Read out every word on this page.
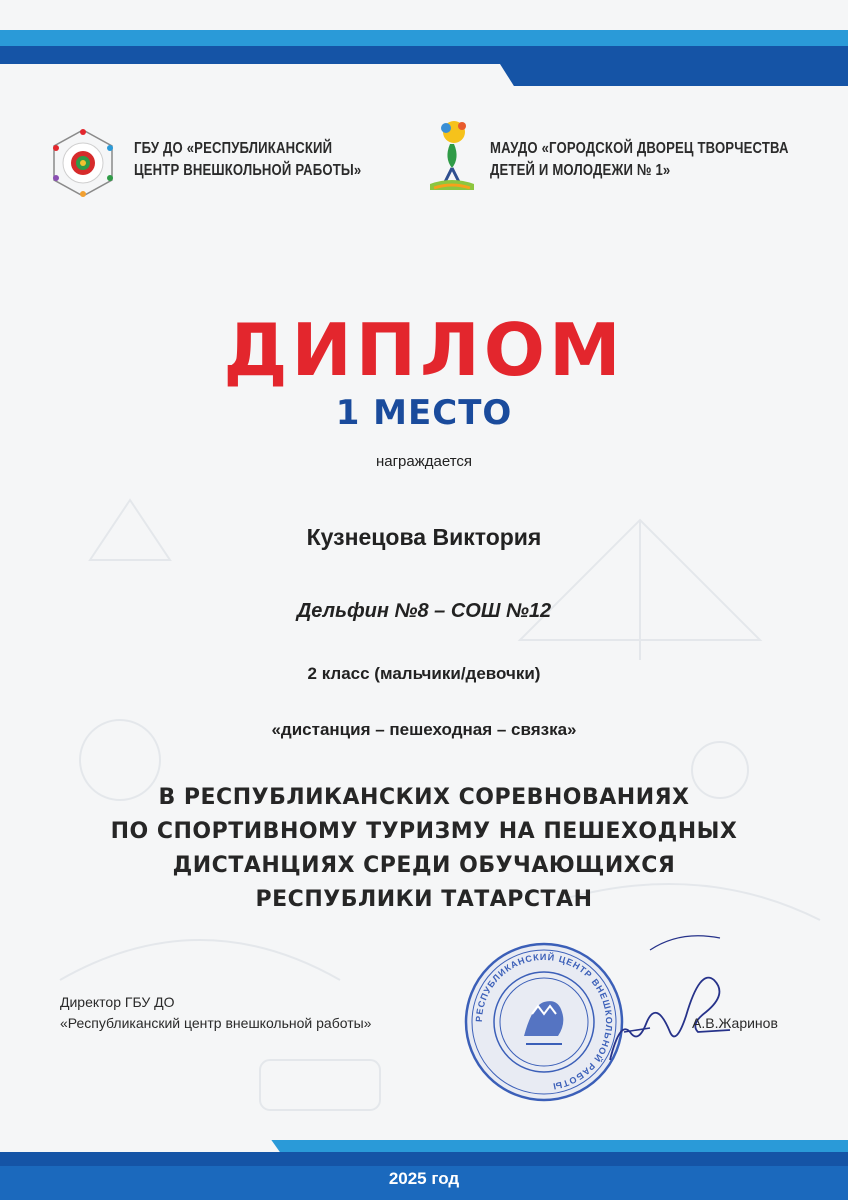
ГБУ ДО «РЕСПУБЛИКАНСКИЙ
ЦЕНТР ВНЕШКОЛЬНОЙ РАБОТЫ»
МАУДО «ГОРОДСКОЙ ДВОРЕЦ ТВОРЧЕСТВА
ДЕТЕЙ И МОЛОДЕЖИ № 1»
ДИПЛОМ
1 МЕСТО
награждается
Кузнецова Виктория
Дельфин №8 – СОШ №12
2 класс (мальчики/девочки)
«дистанция – пешеходная – связка»
В РЕСПУБЛИКАНСКИХ СОРЕВНОВАНИЯХ
ПО СПОРТИВНОМУ ТУРИЗМУ НА ПЕШЕХОДНЫХ
ДИСТАНЦИЯХ СРЕДИ ОБУЧАЮЩИХСЯ
РЕСПУБЛИКИ ТАТАРСТАН
Директор ГБУ ДО
«Республиканский центр внешкольной работы»	РЕСПУБЛИКАНСКИЙ ЦЕНТР ВНЕШКОЛЬНОЙ РАБОТЫ
А.В.Жаринов
2025 год
